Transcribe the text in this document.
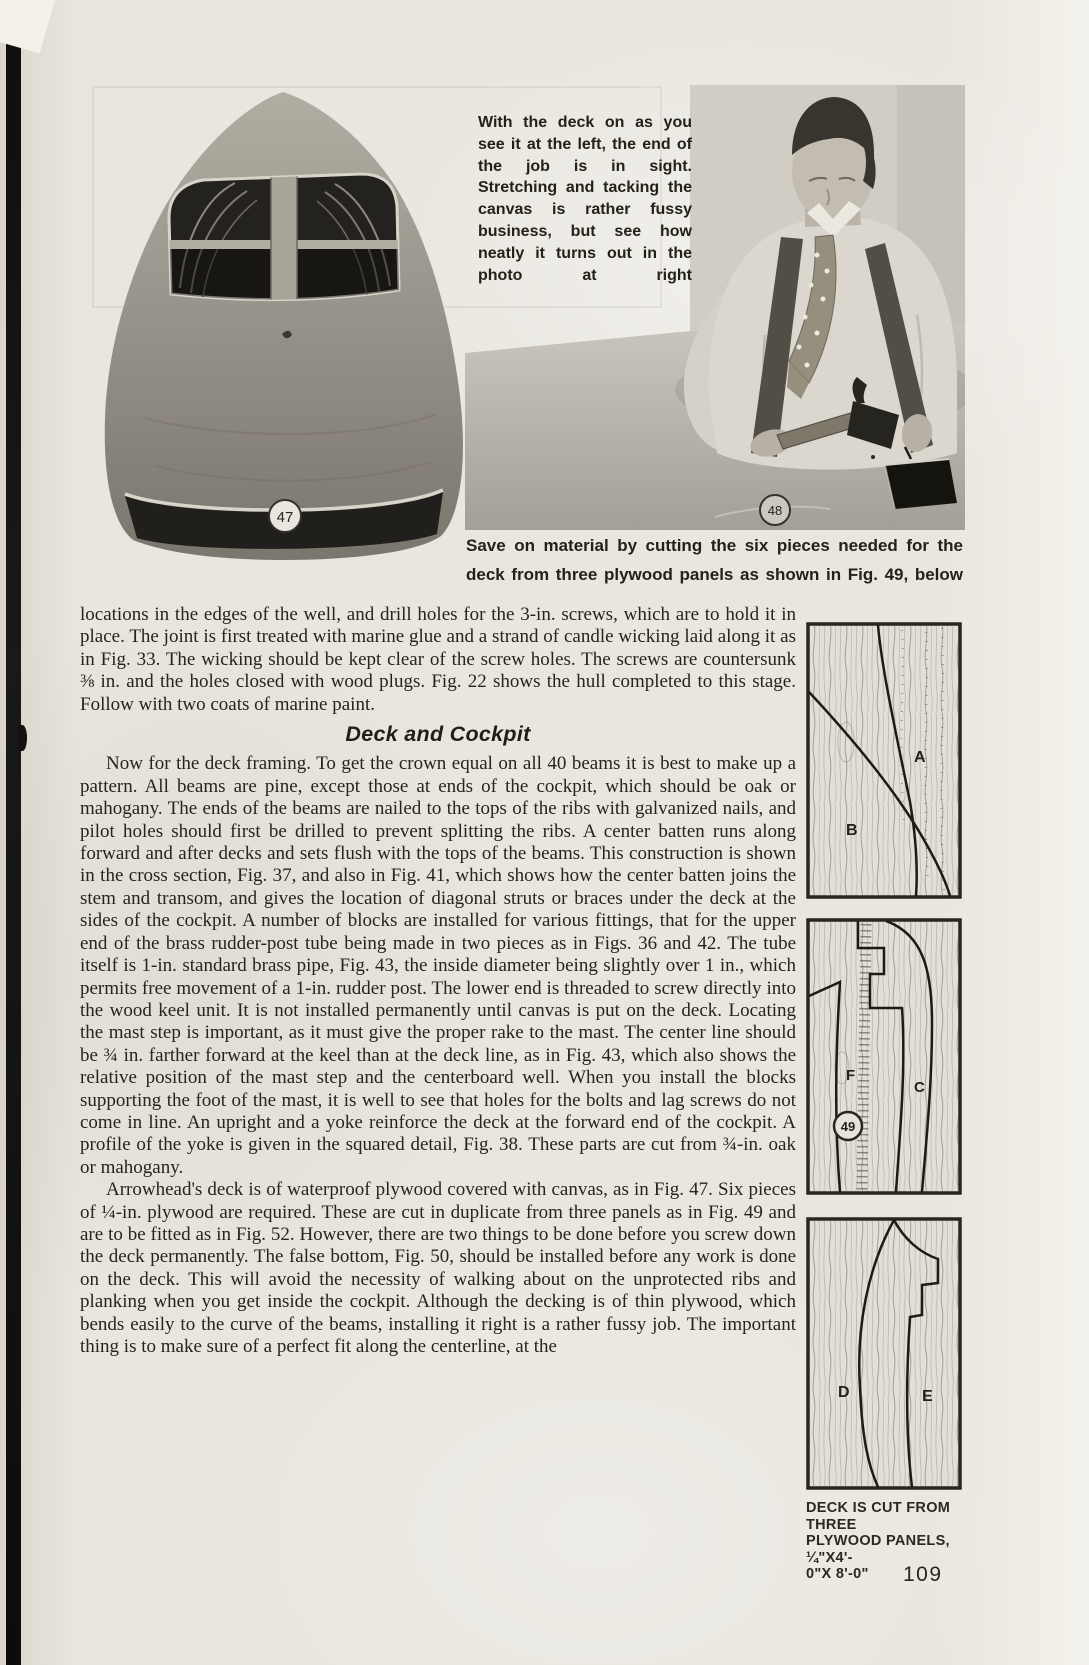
47	48
With the deck on as you see it at the left, the end of the job is in sight. Stretching and tacking the canvas is rather fussy business, but see how neatly it turns out in the photo at right
Save on material by cutting the six pieces needed for the deck from three plywood panels as shown in Fig. 49, below

locations in the edges of the well, and drill holes for the 3-in. screws, which are to hold it in place. The joint is first treated with marine glue and a strand of candle wicking laid along it as in Fig. 33. The wicking should be kept clear of the screw holes. The screws are countersunk ⅜ in. and the holes closed with wood plugs. Fig. 22 shows the hull completed to this stage. Follow with two coats of marine paint.

Deck and Cockpit

Now for the deck framing. To get the crown equal on all 40 beams it is best to make up a pattern. All beams are pine, except those at ends of the cockpit, which should be oak or mahogany. The ends of the beams are nailed to the tops of the ribs with galvanized nails, and pilot holes should first be drilled to prevent splitting the ribs. A center batten runs along forward and after decks and sets flush with the tops of the beams. This construction is shown in the cross section, Fig. 37, and also in Fig. 41, which shows how the center batten joins the stem and transom, and gives the location of diagonal struts or braces under the deck at the sides of the cockpit. A number of blocks are installed for various fittings, that for the upper end of the brass rudder-post tube being made in two pieces as in Figs. 36 and 42. The tube itself is 1-in. standard brass pipe, Fig. 43, the inside diameter being slightly over 1 in., which permits free movement of a 1-in. rudder post. The lower end is threaded to screw directly into the wood keel unit. It is not installed permanently until canvas is put on the deck. Locating the mast step is important, as it must give the proper rake to the mast. The center line should be ¾ in. farther forward at the keel than at the deck line, as in Fig. 43, which also shows the relative position of the mast step and the centerboard well. When you install the blocks supporting the foot of the mast, it is well to see that holes for the bolts and lag screws do not come in line. An upright and a yoke reinforce the deck at the forward end of the cockpit. A profile of the yoke is given in the squared detail, Fig. 38. These parts are cut from ¾-in. oak or mahogany.

Arrowhead's deck is of waterproof plywood covered with canvas, as in Fig. 47. Six pieces of ¼-in. plywood are required. These are cut in duplicate from three panels as in Fig. 49 and are to be fitted as in Fig. 52. However, there are two things to be done before you screw down the deck permanently. The false bottom, Fig. 50, should be installed before any work is done on the deck. This will avoid the necessity of walking about on the unprotected ribs and planking when you get inside the cockpit. Although the decking is of thin plywood, which bends easily to the curve of the beams, installing it right is a rather fussy job. The important thing is to make sure of a perfect fit along the centerline, at the

A
B
F
C
49
D	E
DECK IS CUT FROM THREE
PLYWOOD PANELS, ¼"X4'-
0"X 8'-0"	109
